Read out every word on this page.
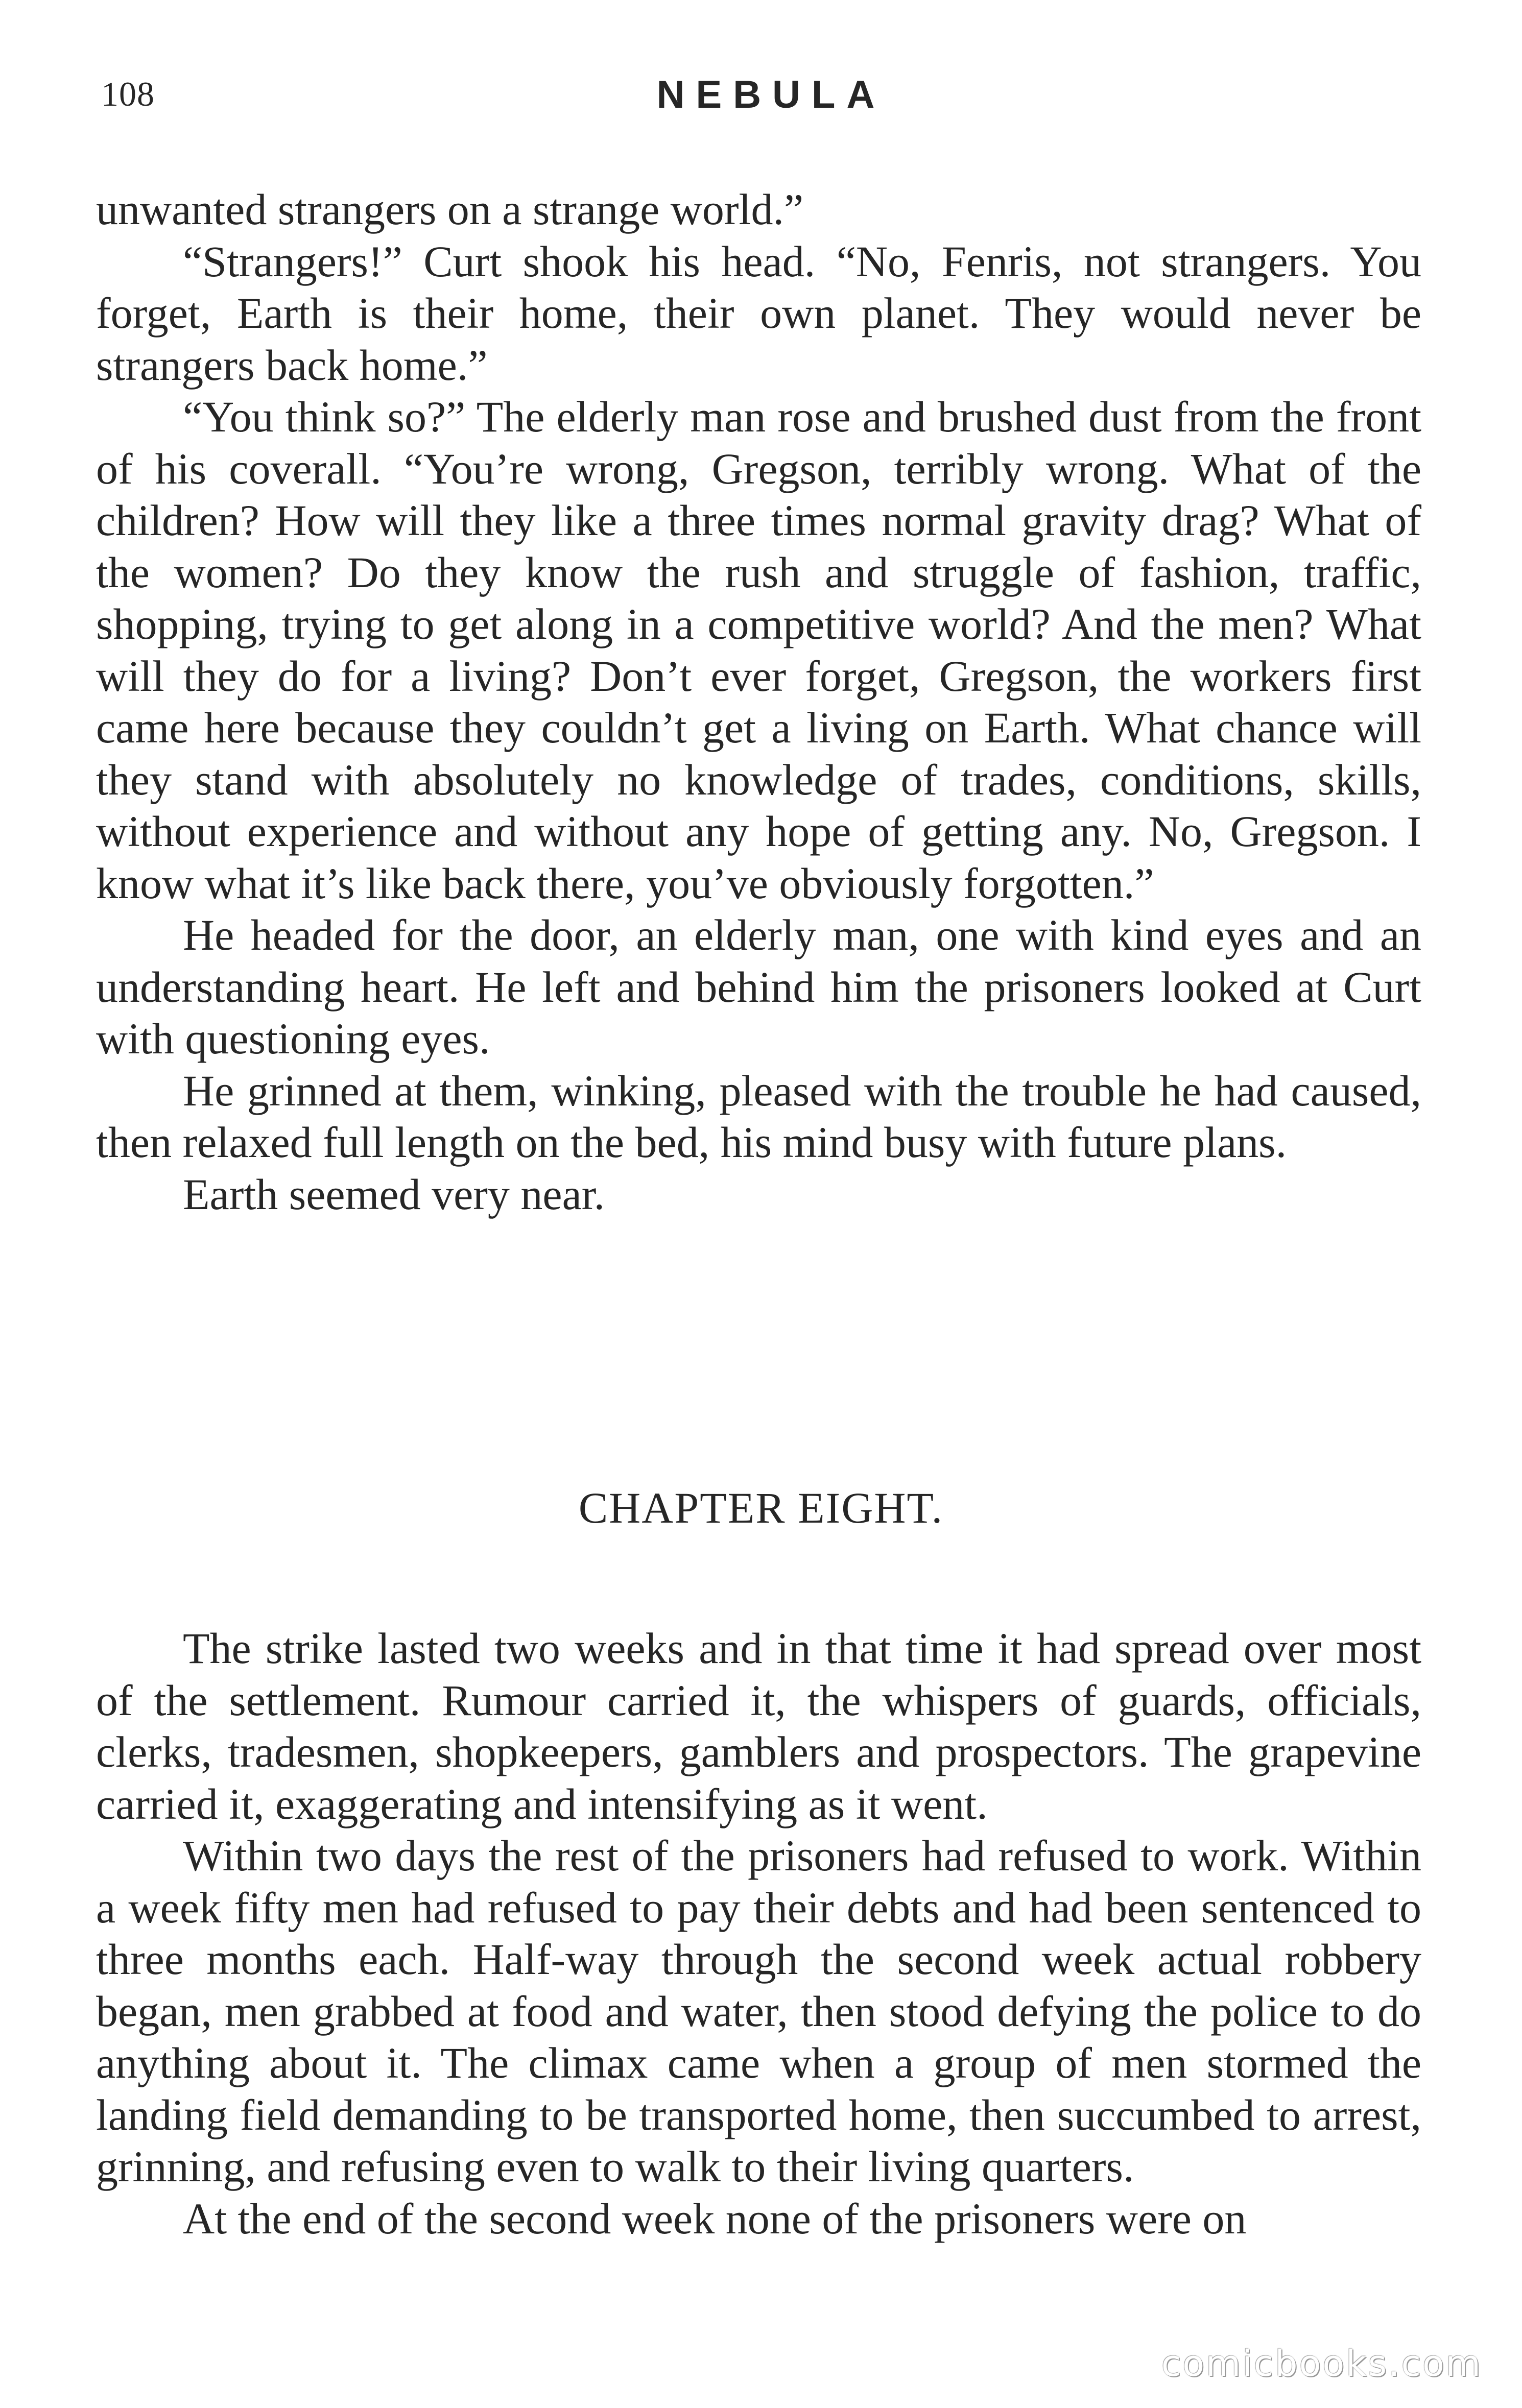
108	NEBULA

unwanted strangers on a strange world.”

“Strangers!” Curt shook his head. “No, Fenris, not strangers. You forget, Earth is their home, their own planet. They would never be strangers back home.”

“You think so?” The elderly man rose and brushed dust from the front of his coverall. “You’re wrong, Gregson, terribly wrong. What of the children? How will they like a three times normal gravity drag? What of the women? Do they know the rush and struggle of fashion, traffic, shopping, trying to get along in a competitive world? And the men? What will they do for a living? Don’t ever forget, Gregson, the workers first came here because they couldn’t get a living on Earth. What chance will they stand with absolutely no knowledge of trades, conditions, skills, without experience and without any hope of getting any. No, Gregson. I know what it’s like back there, you’ve obviously forgotten.”

He headed for the door, an elderly man, one with kind eyes and an understanding heart. He left and behind him the prisoners looked at Curt with questioning eyes.

He grinned at them, winking, pleased with the trouble he had caused, then relaxed full length on the bed, his mind busy with future plans.

Earth seemed very near.

CHAPTER EIGHT.

The strike lasted two weeks and in that time it had spread over most of the settlement. Rumour carried it, the whispers of guards, officials, clerks, tradesmen, shopkeepers, gamblers and prospectors. The grapevine carried it, exaggerating and intensifying as it went.

Within two days the rest of the prisoners had refused to work. Within a week fifty men had refused to pay their debts and had been sentenced to three months each. Half-way through the second week actual robbery began, men grabbed at food and water, then stood defying the police to do anything about it. The climax came when a group of men stormed the landing field demanding to be transported home, then succumbed to arrest, grinning, and refusing even to walk to their living quarters.

At the end of the second week none of the prisoners were on

comicbooks.com
